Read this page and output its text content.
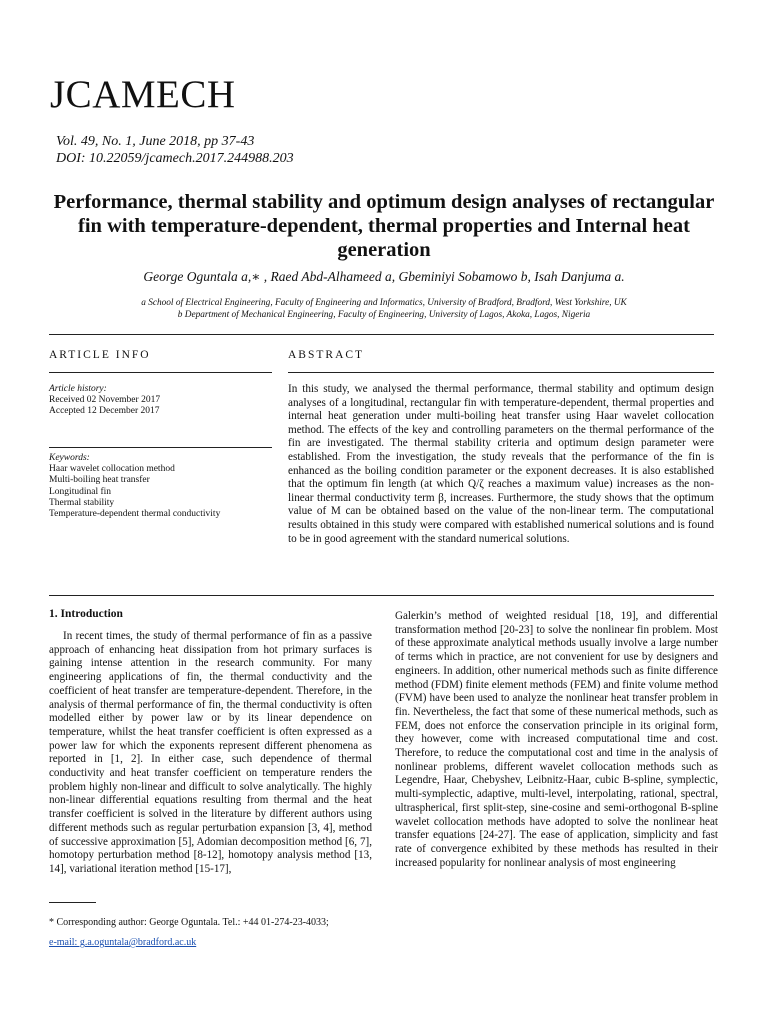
JCAMECH
Vol. 49, No. 1, June 2018, pp 37-43
DOI: 10.22059/jcamech.2017.244988.203
Performance, thermal stability and optimum design analyses of rectangular fin with temperature-dependent, thermal properties and Internal heat generation
George Oguntala a,∗ , Raed Abd-Alhameed a, Gbeminiyi Sobamowo b, Isah Danjuma a.
a School of Electrical Engineering, Faculty of Engineering and Informatics, University of Bradford, Bradford, West Yorkshire, UK
b Department of Mechanical Engineering, Faculty of Engineering, University of Lagos, Akoka, Lagos, Nigeria
ARTICLE INFO	ABSTRACT
Article history:
Received 02 November 2017
Accepted 12 December 2017
Keywords:
Haar wavelet collocation method
Multi-boiling heat transfer
Longitudinal fin
Thermal stability
Temperature-dependent thermal conductivity
In this study, we analysed the thermal performance, thermal stability and optimum design analyses of a longitudinal, rectangular fin with temperature-dependent, thermal properties and internal heat generation under multi-boiling heat transfer using Haar wavelet collocation method. The effects of the key and controlling parameters on the thermal performance of the fin are investigated. The thermal stability criteria and optimum design parameter were established. From the investigation, the study reveals that the performance of the fin is enhanced as the boiling condition parameter or the exponent decreases. It is also established that the optimum fin length (at which Q/ζ reaches a maximum value) increases as the non-linear thermal conductivity term β, increases. Furthermore, the study shows that the optimum value of M can be obtained based on the value of the non-linear term. The computational results obtained in this study were compared with established numerical solutions and is found to be in good agreement with the standard numerical solutions.
1. Introduction

In recent times, the study of thermal performance of fin as a passive approach of enhancing heat dissipation from hot primary surfaces is gaining intense attention in the research community. For many engineering applications of fin, the thermal conductivity and the coefficient of heat transfer are temperature-dependent. Therefore, in the analysis of thermal performance of fin, the thermal conductivity is often modelled either by power law or by its linear dependence on temperature, whilst the heat transfer coefficient is often expressed as a power law for which the exponents represent different phenomena as reported in [1, 2]. In either case, such dependence of thermal conductivity and heat transfer coefficient on temperature renders the problem highly non-linear and difficult to solve analytically. The highly non-linear differential equations resulting from thermal and the heat transfer coefficient is solved in the literature by different authors using different methods such as regular perturbation expansion [3, 4], method of successive approximation [5], Adomian decomposition method [6, 7], homotopy perturbation method [8-12], homotopy analysis method [13, 14], variational iteration method [15-17],

Galerkin’s method of weighted residual [18, 19], and differential transformation method [20-23] to solve the nonlinear fin problem. Most of these approximate analytical methods usually involve a large number of terms which in practice, are not convenient for use by designers and engineers. In addition, other numerical methods such as finite difference method (FDM) finite element methods (FEM) and finite volume method (FVM) have been used to analyze the nonlinear heat transfer problem in fin. Nevertheless, the fact that some of these numerical methods, such as FEM, does not enforce the conservation principle in its original form, they however, come with increased computational time and cost. Therefore, to reduce the computational cost and time in the analysis of nonlinear problems, different wavelet collocation methods such as Legendre, Haar, Chebyshev, Leibnitz-Haar, cubic B-spline, symplectic, multi-symplectic, adaptive, multi-level, interpolating, rational, spectral, ultraspherical, first split-step, sine-cosine and semi-orthogonal B-spline wavelet collocation methods have adopted to solve the nonlinear heat transfer equations [24-27]. The ease of application, simplicity and fast rate of convergence exhibited by these methods has resulted in their increased popularity for nonlinear analysis of most engineering
* Corresponding author: George Oguntala. Tel.: +44 01-274-23-4033;
e-mail: g.a.oguntala@bradford.ac.uk
